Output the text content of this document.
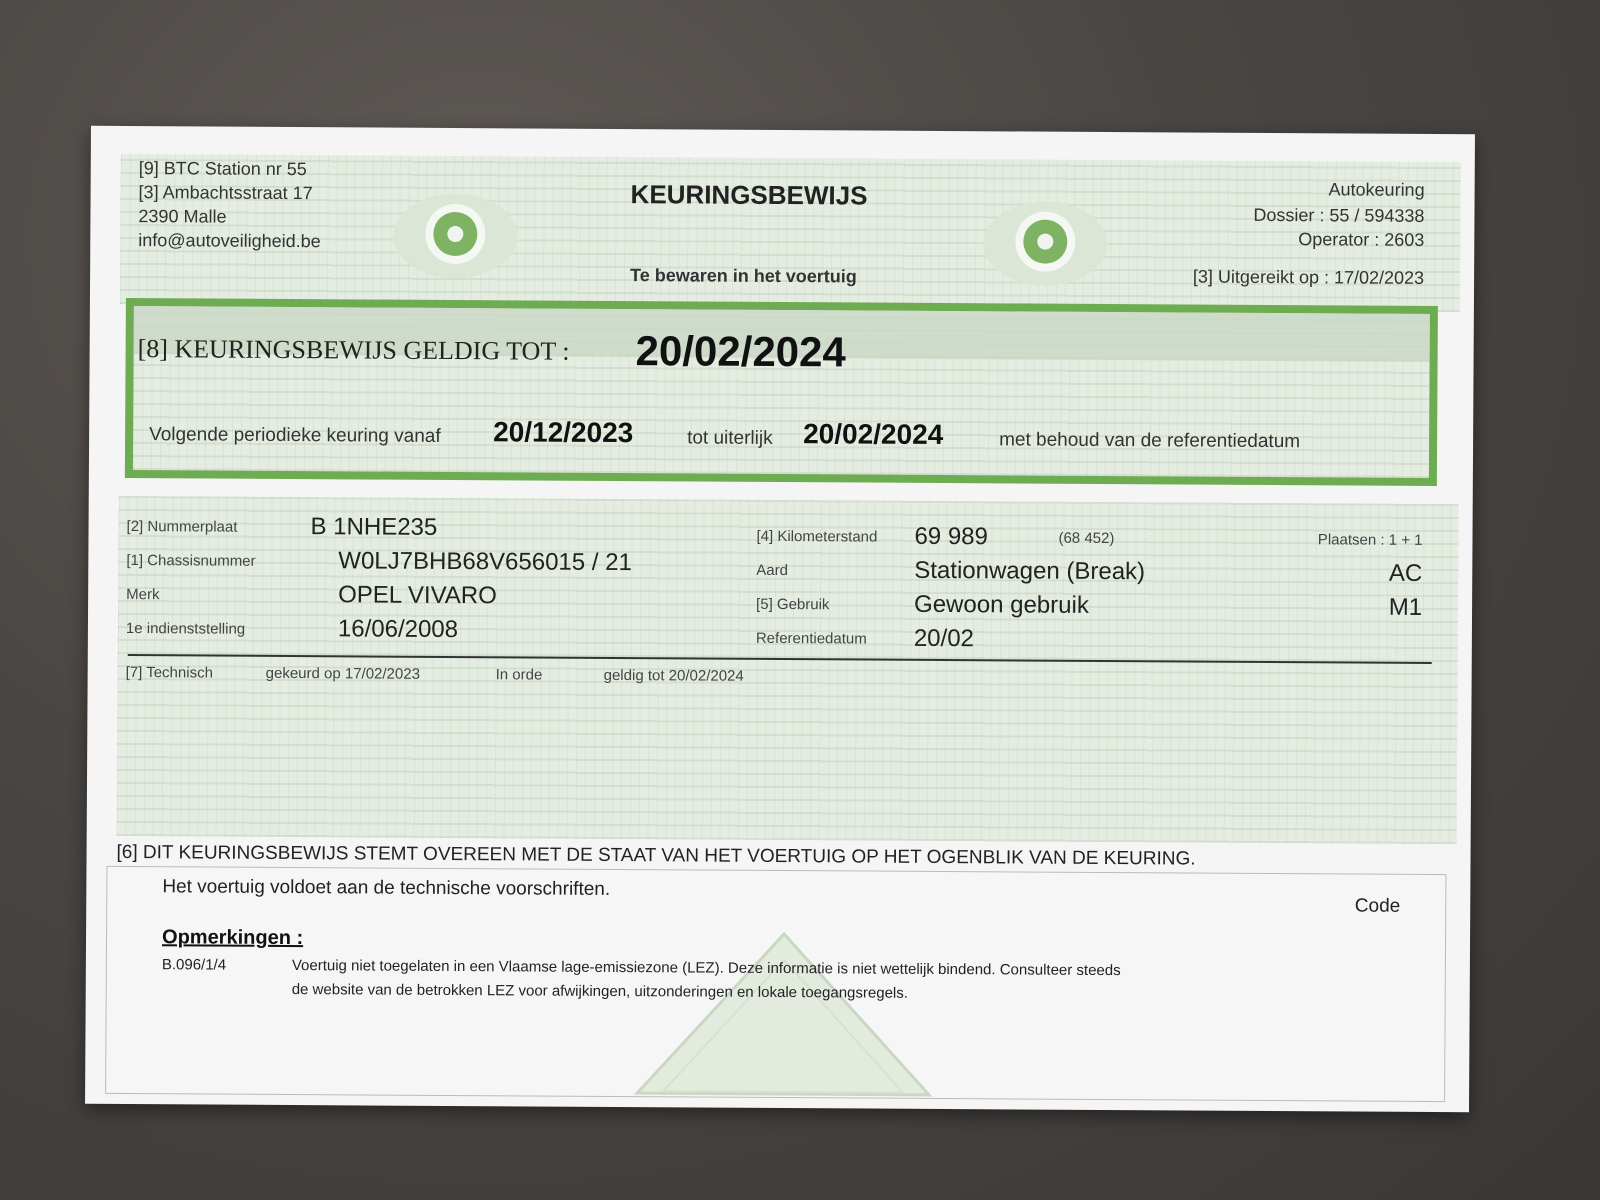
[9] BTC Station nr 55
[3] Ambachtsstraat 17
2390 Malle
info@autoveiligheid.be
KEURINGSBEWIJS
Te bewaren in het voertuig
Autokeuring
Dossier : 55 / 594338
Operator : 2603
[3] Uitgereikt op : 17/02/2023
[8] KEURINGSBEWIJS GELDIG TOT : 20/02/2024
Volgende periodieke keuring vanaf 20/12/2023	tot uiterlijk 20/02/2024	met behoud van de referentiedatum
[2] Nummerplaat	B 1NHE235
[1] Chassisnummer	W0LJ7BHB68V656015 / 21
Merk	OPEL VIVARO
1e indienststelling	16/06/2008
[4] Kilometerstand 69 989	(68 452)	Plaatsen : 1 + 1
Aard	Stationwagen (Break)	AC
[5] Gebruik	Gewoon gebruik	M1
Referentiedatum 20/02
[7] Technisch	gekeurd op 17/02/2023	In orde	geldig tot 20/02/2024
[6] DIT KEURINGSBEWIJS STEMT OVEREEN MET DE STAAT VAN HET VOERTUIG OP HET OGENBLIK VAN DE KEURING.
Het voertuig voldoet aan de technische voorschriften.
Code
Opmerkingen :
B.096/1/4	Voertuig niet toegelaten in een Vlaamse lage-emissiezone (LEZ). Deze informatie is niet wettelijk bindend. Consulteer steeds
de website van de betrokken LEZ voor afwijkingen, uitzonderingen en lokale toegangsregels.
